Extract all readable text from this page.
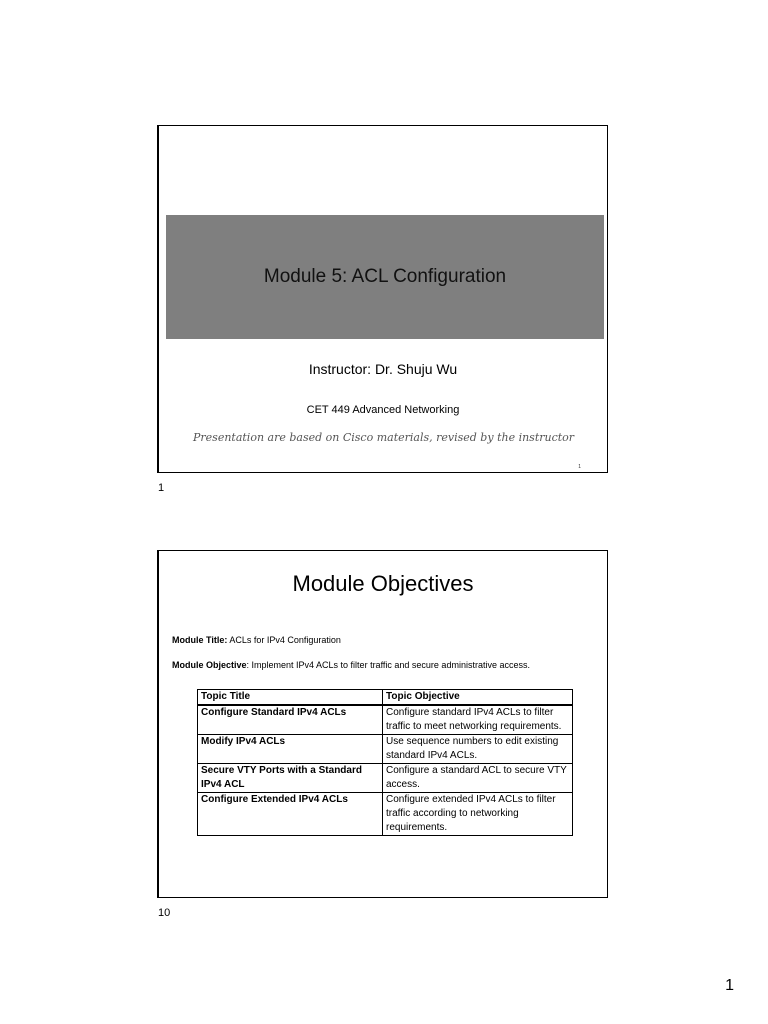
Module 5: ACL Configuration
Instructor: Dr. Shuju Wu
CET 449 Advanced Networking
Presentation are based on Cisco materials, revised by the instructor
1
1
Module Objectives
Module Title: ACLs for IPv4 Configuration
Module Objective: Implement IPv4 ACLs to filter traffic and secure administrative access.
Topic Title	Topic Objective
Configure Standard IPv4 ACLs	Configure standard IPv4 ACLs to filter traffic to meet networking requirements.
Modify IPv4 ACLs	Use sequence numbers to edit existing standard IPv4 ACLs.
Secure VTY Ports with a Standard IPv4 ACL	Configure a standard ACL to secure VTY access.
Configure Extended IPv4 ACLs	Configure extended IPv4 ACLs to filter traffic according to networking requirements.
10
1
